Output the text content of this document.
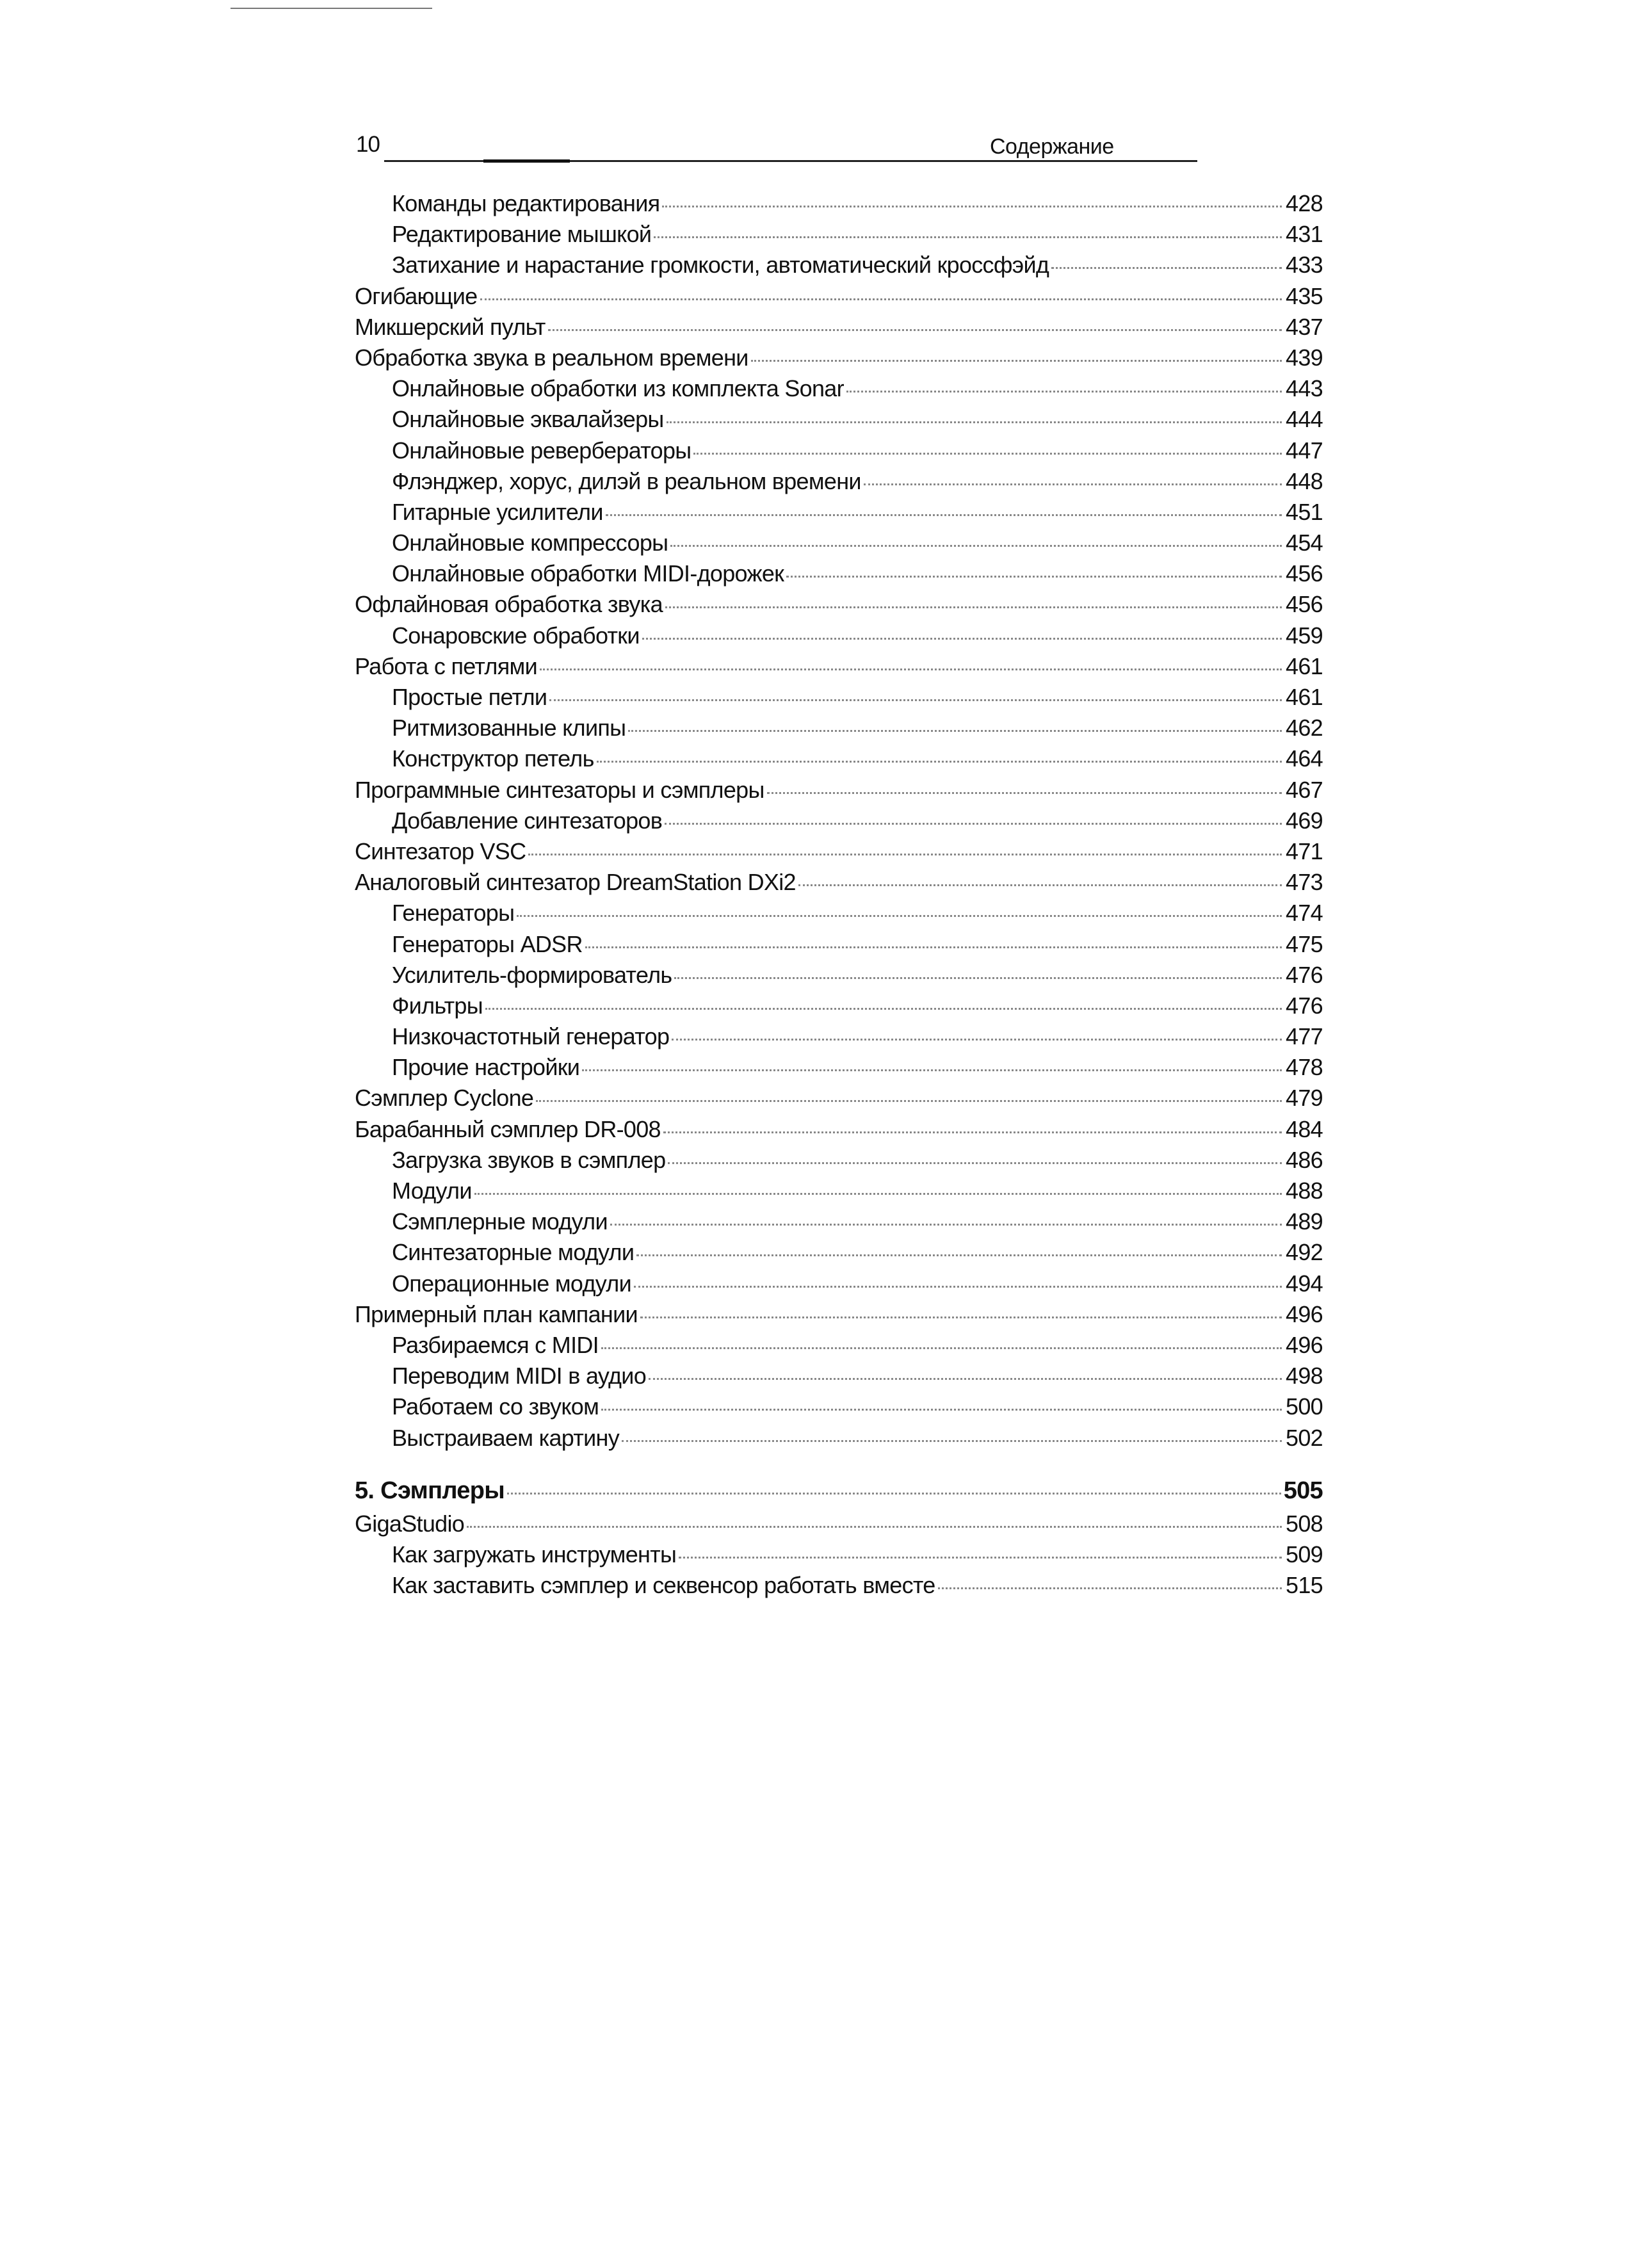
10	Содержание
Команды редактирования	428
Редактирование мышкой	431
Затихание и нарастание громкости, автоматический кроссфэйд	433
Огибающие	435
Микшерский пульт	437
Обработка звука в реальном времени	439
Онлайновые обработки из комплекта Sonar	443
Онлайновые эквалайзеры	444
Онлайновые ревербераторы	447
Флэнджер, хорус, дилэй в реальном времени	448
Гитарные усилители	451
Онлайновые компрессоры	454
Онлайновые обработки MIDI-дорожек	456
Офлайновая обработка звука	456
Сонаровские обработки	459
Работа с петлями	461
Простые петли	461
Ритмизованные клипы	462
Конструктор петель	464
Программные синтезаторы и сэмплеры	467
Добавление синтезаторов	469
Синтезатор VSC	471
Аналоговый синтезатор DreamStation DXi2	473
Генераторы	474
Генераторы ADSR	475
Усилитель-формирователь	476
Фильтры	476
Низкочастотный генератор	477
Прочие настройки	478
Сэмплер Cyclone	479
Барабанный сэмплер DR-008	484
Загрузка звуков в сэмплер	486
Модули	488
Сэмплерные модули	489
Синтезаторные модули	492
Операционные модули	494
Примерный план кампании	496
Разбираемся с MIDI	496
Переводим MIDI в аудио	498
Работаем со звуком	500
Выстраиваем картину	502
5. Сэмплеры	505
GigaStudio	508
Как загружать инструменты	509
Как заставить сэмплер и секвенсор работать вместе	515
